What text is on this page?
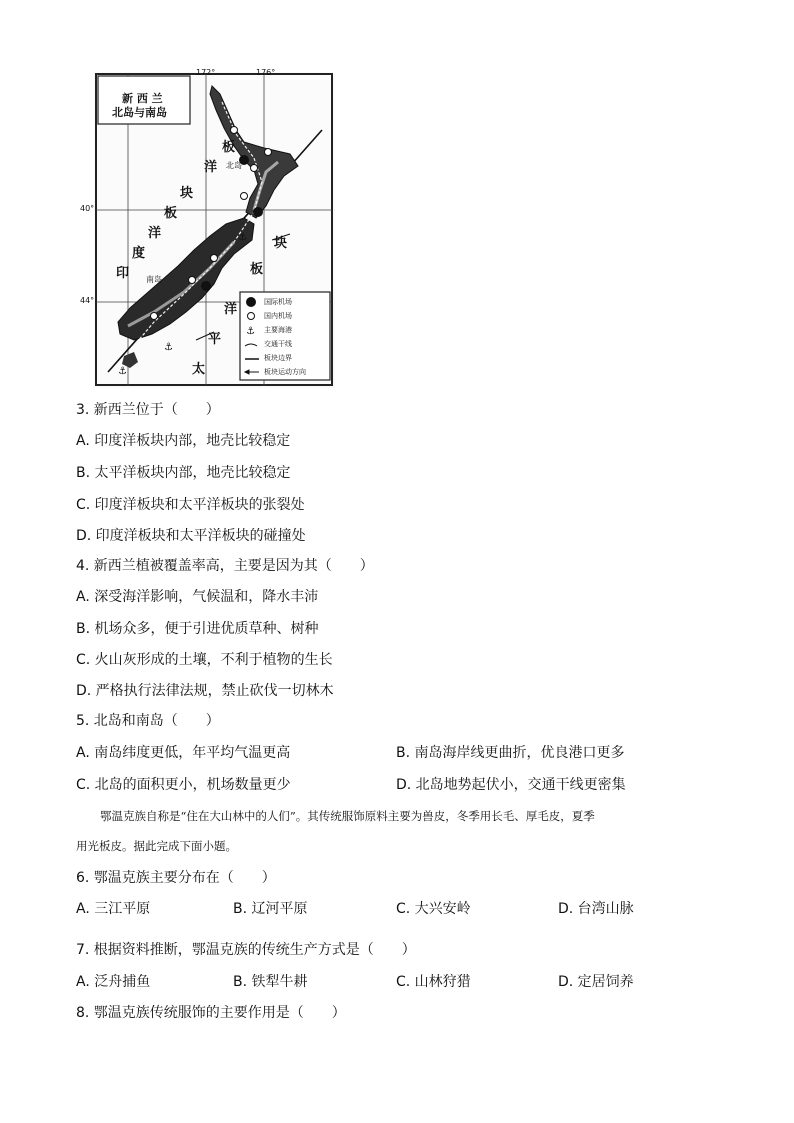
⚓
⚓
⚓
⚓
新 西 兰
北岛与南岛
172°	176°
40°
44°
北岛
南岛
印
度
洋
板
块
洋
板
太
平
洋
板
块
国际机场
国内机场
主要海港
交通干线
板块边界
板块运动方向
3. 新西兰位于（　　）
A. 印度洋板块内部，地壳比较稳定
B. 太平洋板块内部，地壳比较稳定
C. 印度洋板块和太平洋板块的张裂处
D. 印度洋板块和太平洋板块的碰撞处
4. 新西兰植被覆盖率高，主要是因为其（　　）
A. 深受海洋影响，气候温和，降水丰沛
B. 机场众多，便于引进优质草种、树种
C. 火山灰形成的土壤，不利于植物的生长
D. 严格执行法律法规，禁止砍伐一切林木
5. 北岛和南岛（　　）
A. 南岛纬度更低，年平均气温更高	B. 南岛海岸线更曲折，优良港口更多
C. 北岛的面积更小，机场数量更少	D. 北岛地势起伏小，交通干线更密集

鄂温克族自称是“住在大山林中的人们”。其传统服饰原料主要为兽皮，冬季用长毛、厚毛皮，夏季

用光板皮。据此完成下面小题。

6. 鄂温克族主要分布在（　　）
A. 三江平原	B. 辽河平原	C. 大兴安岭	D. 台湾山脉
7. 根据资料推断，鄂温克族的传统生产方式是（　　）
A. 泛舟捕鱼	B. 铁犁牛耕	C. 山林狩猎	D. 定居饲养
8. 鄂温克族传统服饰的主要作用是（　　）
